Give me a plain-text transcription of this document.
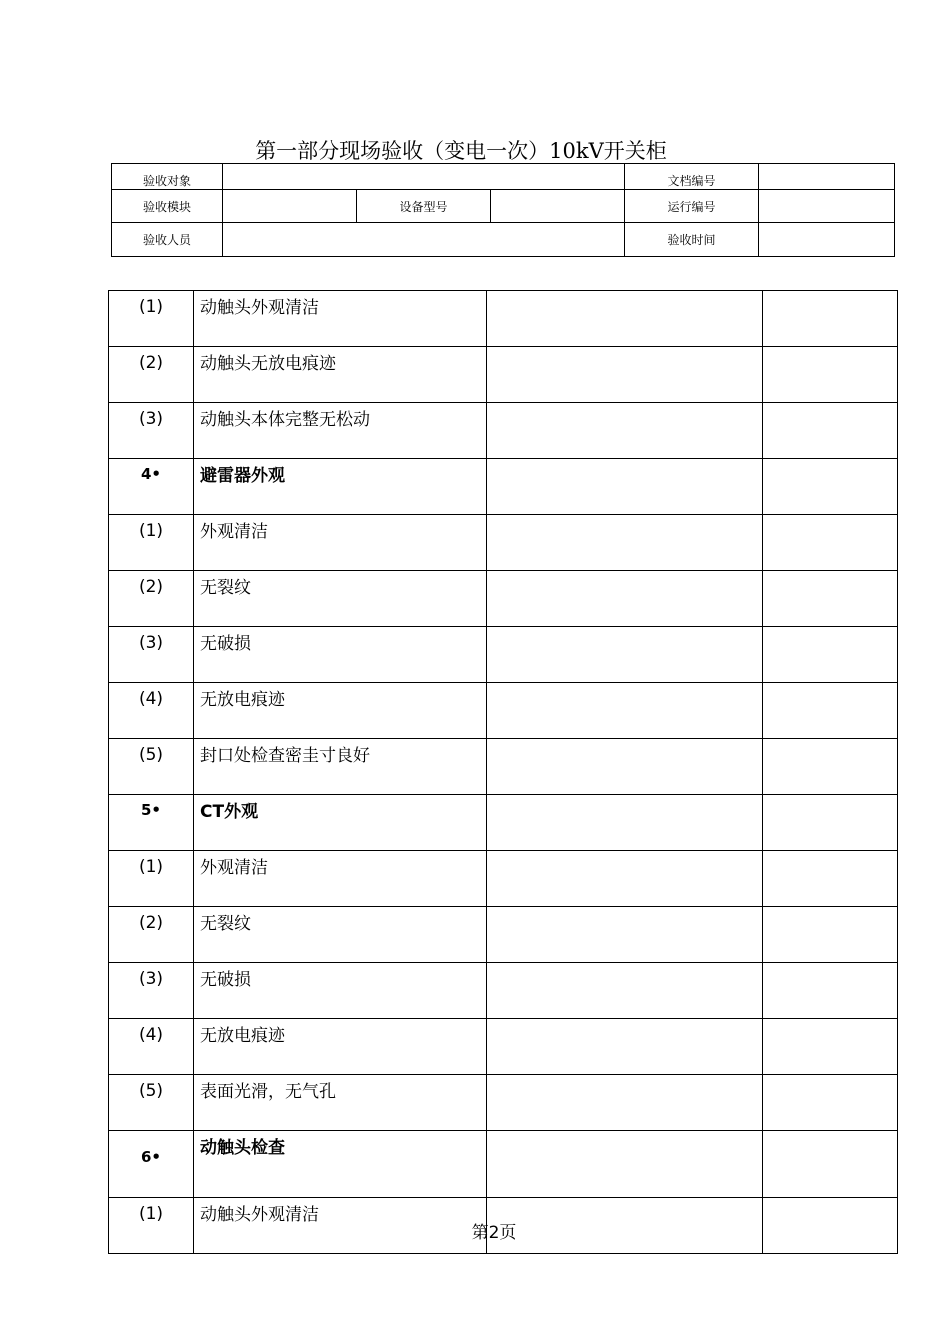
第一部分现场验收（变电一次）10kV开关柜
验收对象				文档编号	
验收模块		设备型号		运行编号	
验收人员				验收时间	
(1)	动触头外观清洁		
(2)	动触头无放电痕迹		
(3)	动触头本体完整无松动		
4•	避雷器外观		
(1)	外观清洁		
(2)	无裂纹		
(3)	无破损		
(4)	无放电痕迹		
(5)	封口处检查密圭寸良好		
5•	CT外观		
(1)	外观清洁		
(2)	无裂纹		
(3)	无破损		
(4)	无放电痕迹		
(5)	表面光滑，无气孔		
6•	动触头检查		
(1)	动触头外观清洁		
第2页
